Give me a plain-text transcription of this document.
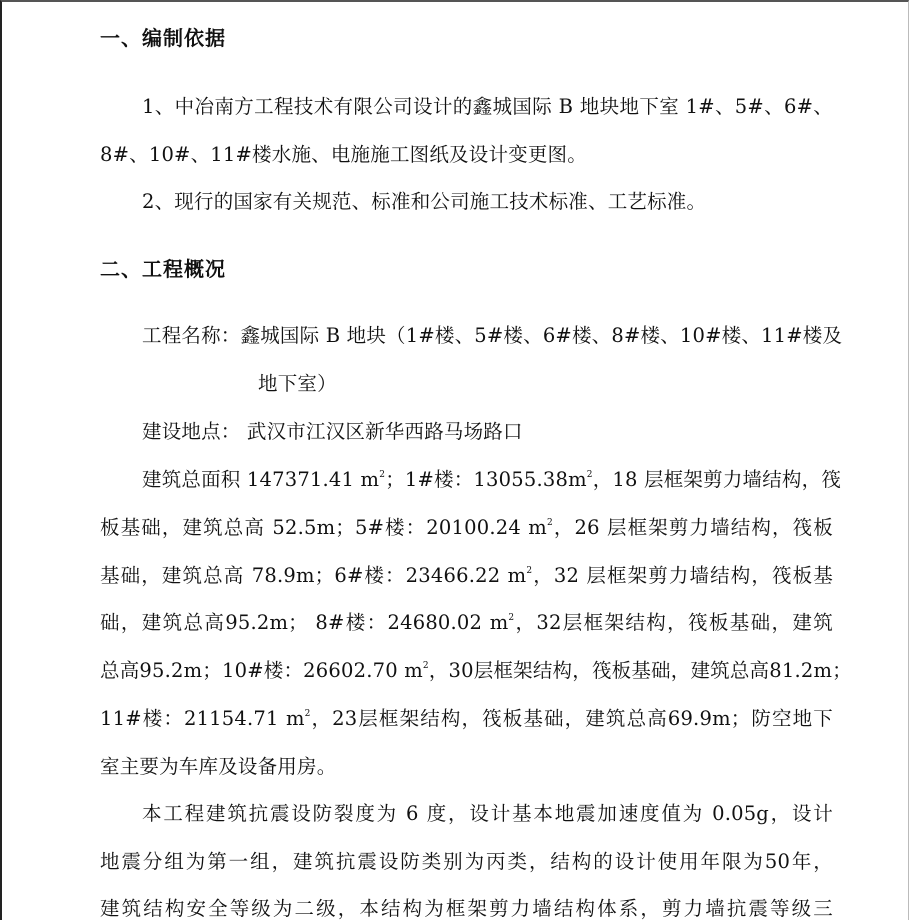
一、编制依据
1、中冶南方工程技术有限公司设计的鑫城国际 B 地块地下室 1#、5#、6#、
8#、10#、11#楼水施、电施施工图纸及设计变更图。
2、现行的国家有关规范、标准和公司施工技术标准、工艺标准。
二、工程概况
工程名称：鑫城国际 B 地块（1#楼、5#楼、6#楼、8#楼、10#楼、11#楼及
地下室）
建设地点： 武汉市江汉区新华西路马场路口
建筑总面积 147371.41 $m^2$；1#楼：$13055.38m^2$，18 层框架剪力墙结构，筏
板基础，建筑总高 52.5m；5#楼：20100.24 $m^2$，26 层框架剪力墙结构，筏板
基础，建筑总高 78.9m；6#楼：23466.22 $m^2$，32 层框架剪力墙结构，筏板基
础，建筑总高95.2m； 8#楼：24680.02 $m^2$，32层框架结构，筏板基础，建筑
总高95.2m；10#楼：26602.70 $m^2$，30层框架结构，筏板基础，建筑总高81.2m；
11#楼：21154.71 $m^2$，23层框架结构，筏板基础，建筑总高69.9m；防空地下
室主要为车库及设备用房。
本工程建筑抗震设防裂度为 6 度，设计基本地震加速度值为 0.05g，设计
地震分组为第一组，建筑抗震设防类别为丙类，结构的设计使用年限为50年，
建筑结构安全等级为二级，本结构为框架剪力墙结构体系，剪力墙抗震等级三
